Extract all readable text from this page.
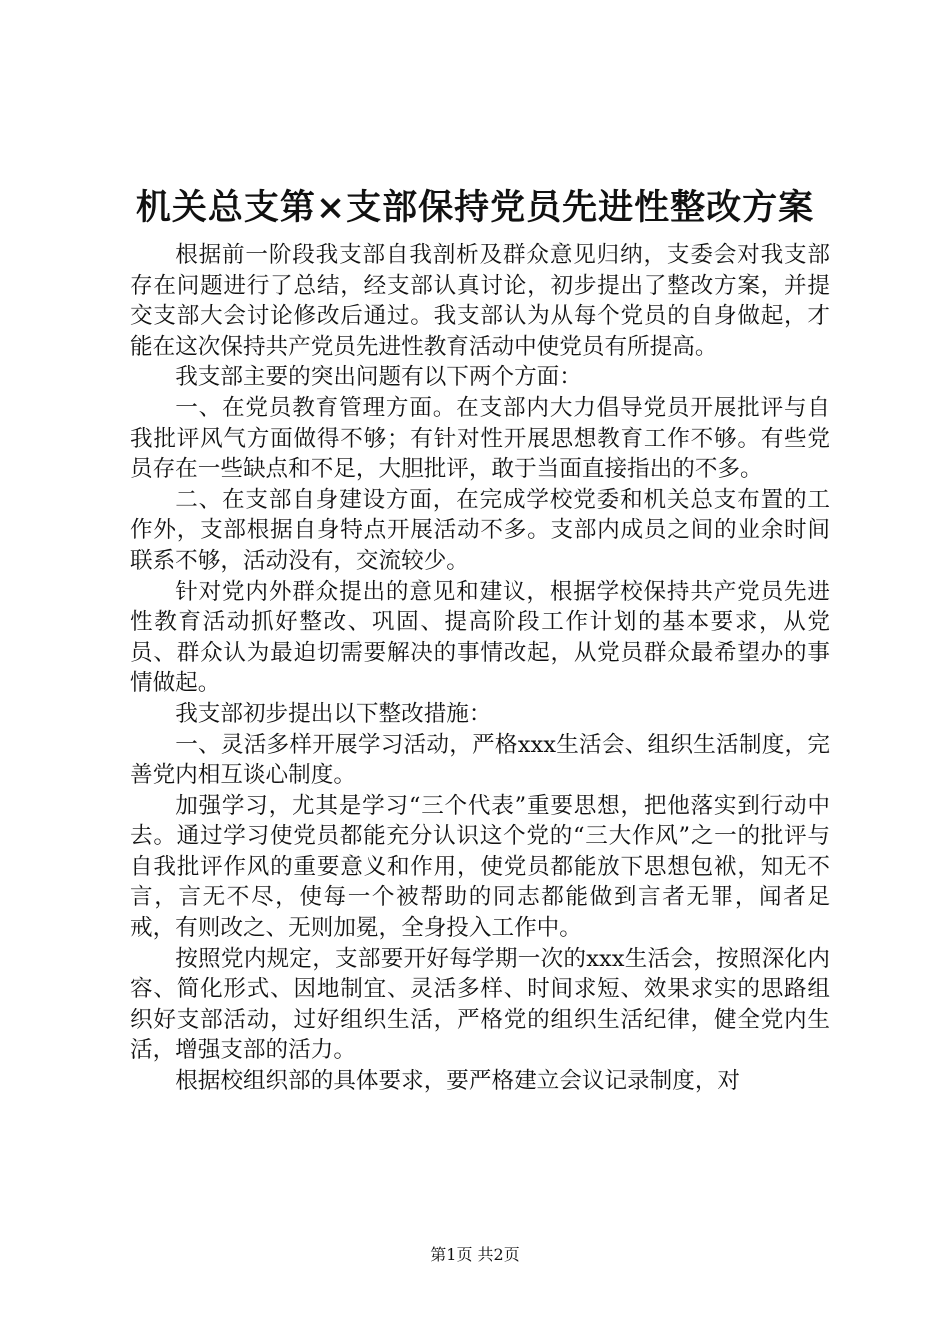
机关总支第×支部保持党员先进性整改方案

根据前一阶段我支部自我剖析及群众意见归纳，支委会对我支部存在问题进行了总结，经支部认真讨论，初步提出了整改方案，并提交支部大会讨论修改后通过。我支部认为从每个党员的自身做起，才能在这次保持共产党员先进性教育活动中使党员有所提高。

我支部主要的突出问题有以下两个方面：

一、在党员教育管理方面。在支部内大力倡导党员开展批评与自我批评风气方面做得不够；有针对性开展思想教育工作不够。有些党员存在一些缺点和不足，大胆批评，敢于当面直接指出的不多。

二、在支部自身建设方面，在完成学校党委和机关总支布置的工作外，支部根据自身特点开展活动不多。支部内成员之间的业余时间联系不够，活动没有，交流较少。

针对党内外群众提出的意见和建议，根据学校保持共产党员先进性教育活动抓好整改、巩固、提高阶段工作计划的基本要求，从党员、群众认为最迫切需要解决的事情改起，从党员群众最希望办的事情做起。

我支部初步提出以下整改措施：

一、灵活多样开展学习活动，严格xxx生活会、组织生活制度，完善党内相互谈心制度。

加强学习，尤其是学习“三个代表”重要思想，把他落实到行动中去。通过学习使党员都能充分认识这个党的“三大作风”之一的批评与自我批评作风的重要意义和作用，使党员都能放下思想包袱，知无不言，言无不尽，使每一个被帮助的同志都能做到言者无罪，闻者足戒，有则改之、无则加冕，全身投入工作中。

按照党内规定，支部要开好每学期一次的xxx生活会，按照深化内容、简化形式、因地制宜、灵活多样、时间求短、效果求实的思路组织好支部活动，过好组织生活，严格党的组织生活纪律，健全党内生活，增强支部的活力。

根据校组织部的具体要求，要严格建立会议记录制度，对

第1页 共2页
